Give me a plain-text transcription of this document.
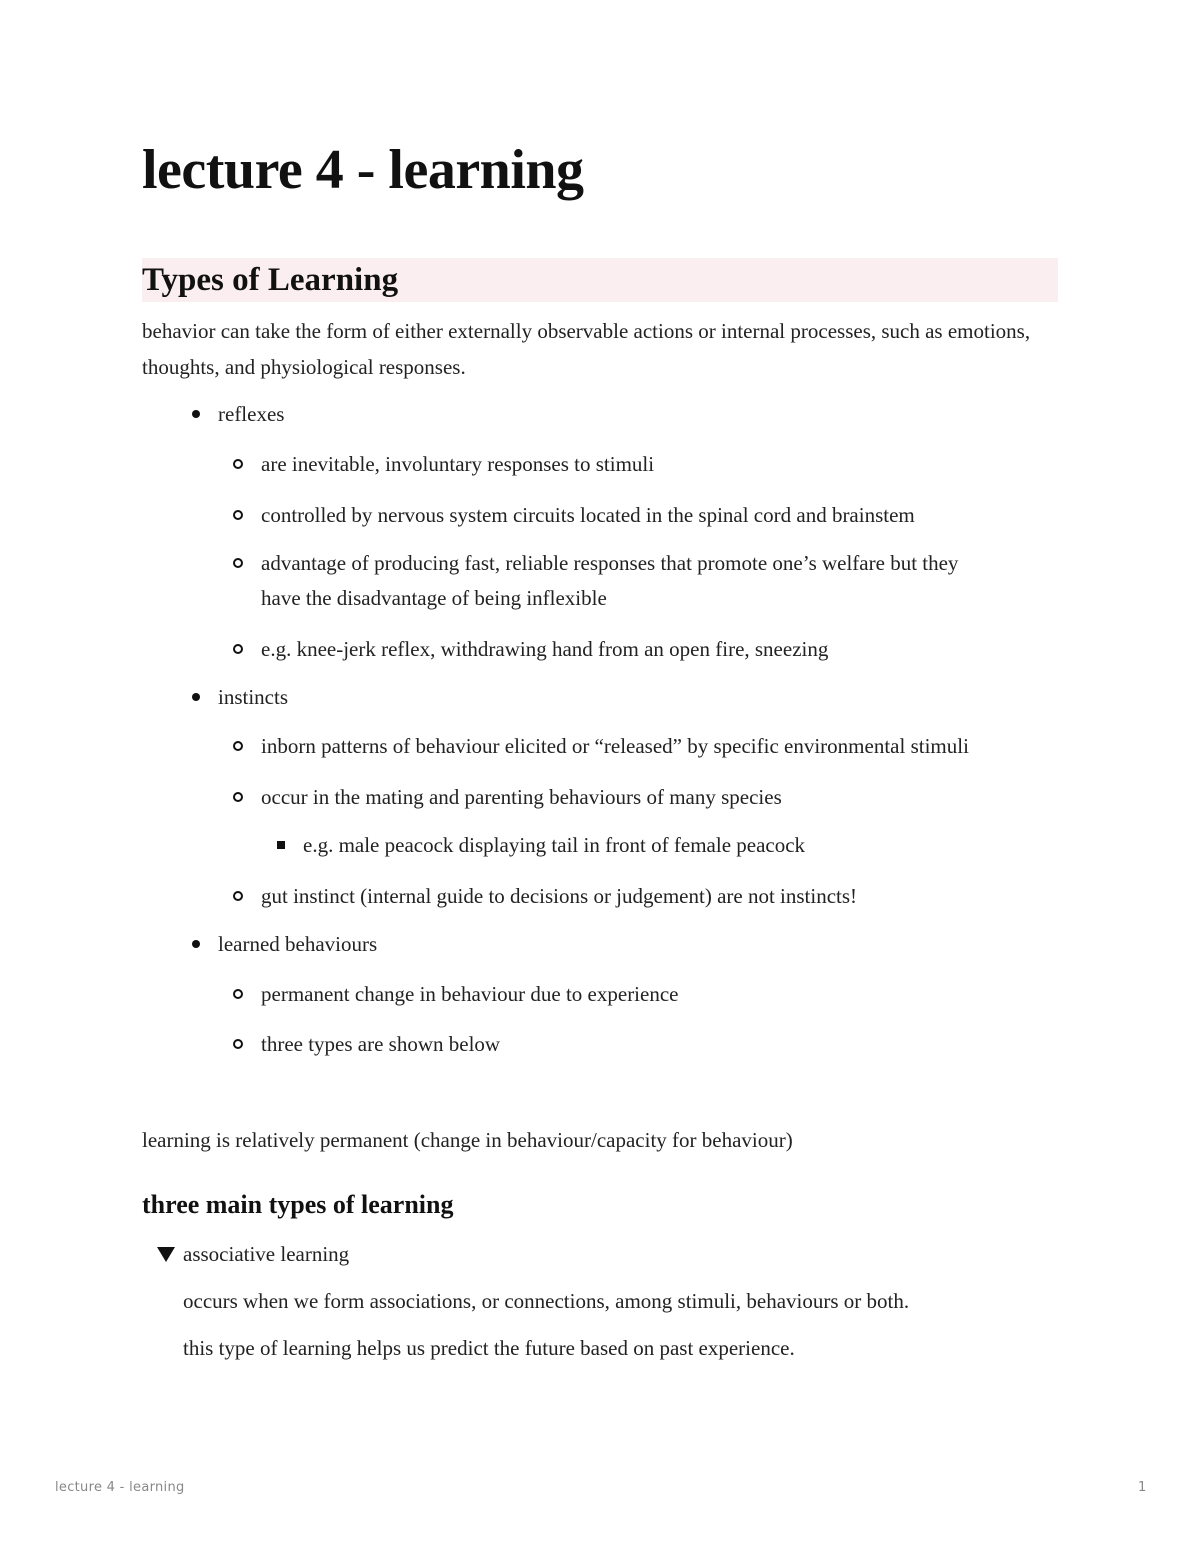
lecture 4 - learning
Types of Learning

behavior can take the form of either externally observable actions or internal processes, such as emotions, thoughts, and physiological responses.

reflexes

are inevitable, involuntary responses to stimuli

controlled by nervous system circuits located in the spinal cord and brainstem

advantage of producing fast, reliable responses that promote one’s welfare but they

have the disadvantage of being inflexible

e.g. knee-jerk reflex, withdrawing hand from an open fire, sneezing

instincts

inborn patterns of behaviour elicited or “released” by specific environmental stimuli

occur in the mating and parenting behaviours of many species

e.g. male peacock displaying tail in front of female peacock

gut instinct (internal guide to decisions or judgement) are not instincts!

learned behaviours

permanent change in behaviour due to experience

three types are shown below

learning is relatively permanent (change in behaviour/capacity for behaviour)

three main types of learning

associative learning

occurs when we form associations, or connections, among stimuli, behaviours or both.

this type of learning helps us predict the future based on past experience.

lecture 4 - learning	1
